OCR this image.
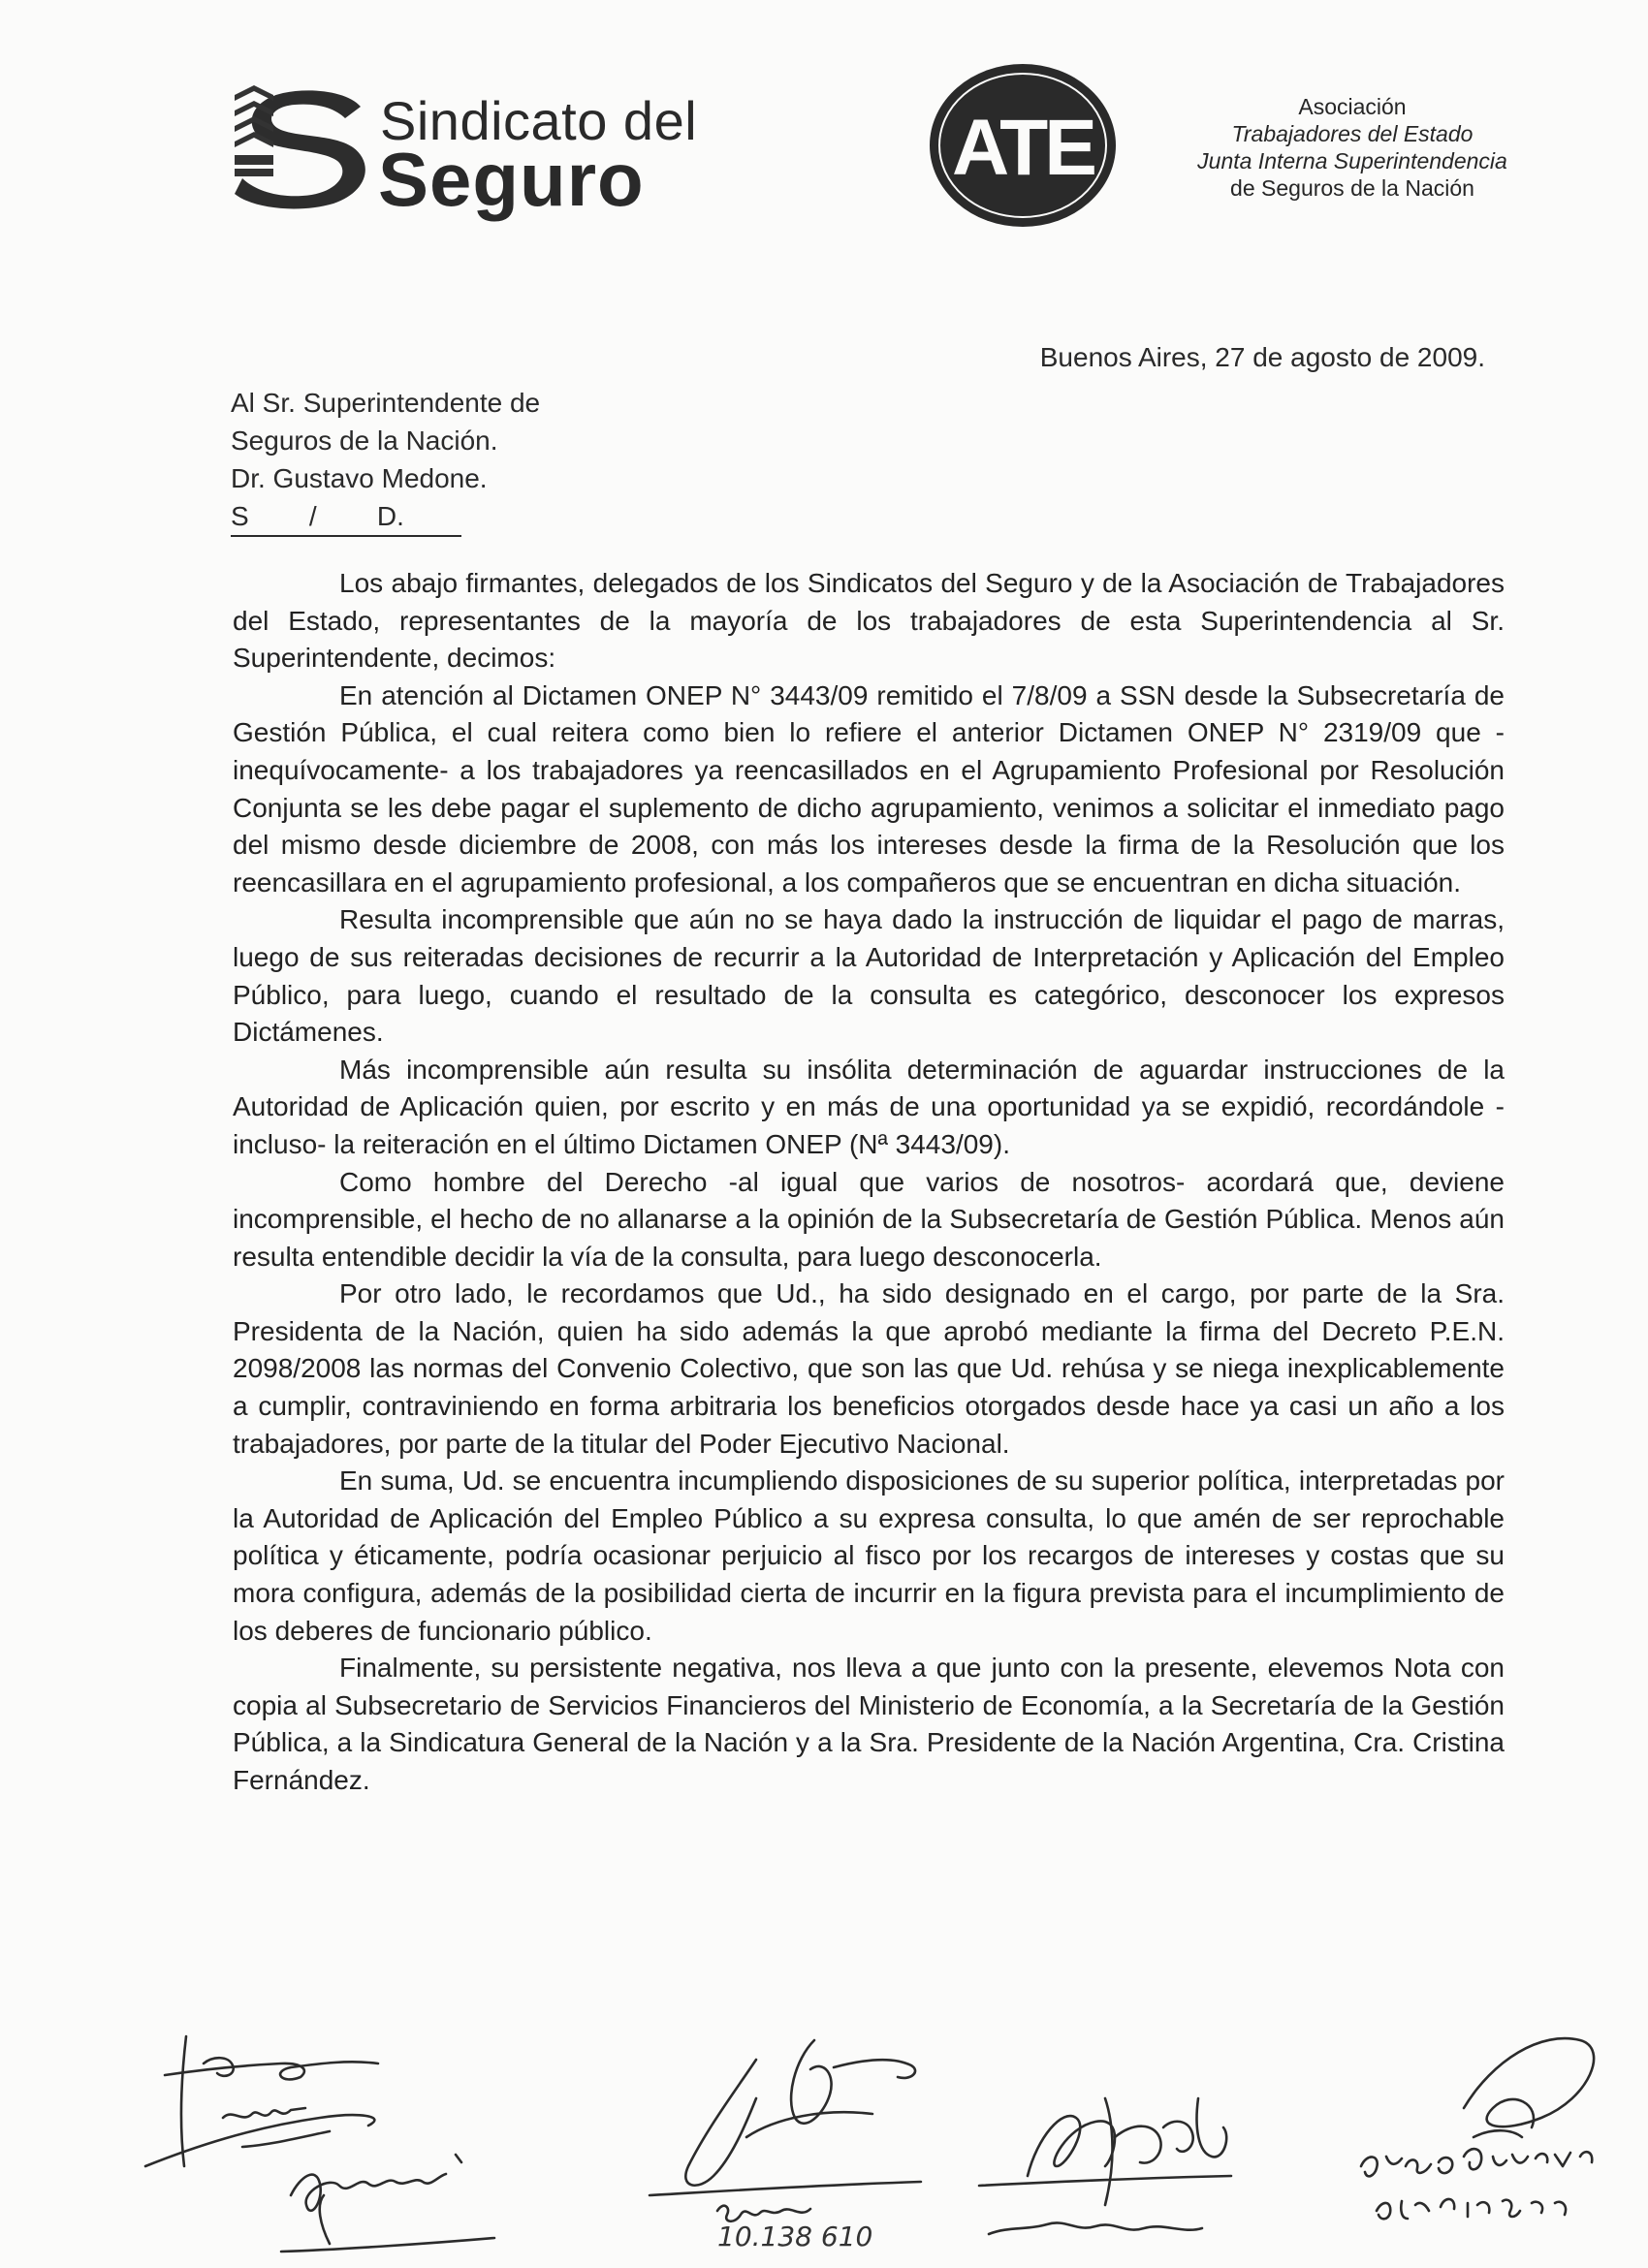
Sindicato del
Seguro	ATE	Asociación
Trabajadores del Estado
Junta Interna Superintendencia
de Seguros de la Nación
Buenos Aires, 27 de agosto de 2009.
Al Sr. Superintendente de
Seguros de la Nación.
Dr. Gustavo Medone.
S        /        D.

Los abajo firmantes, delegados de los Sindicatos del Seguro y de la Asociación de Trabajadores del Estado, representantes de la mayoría de los trabajadores de esta Superintendencia al Sr. Superintendente, decimos:

En atención al Dictamen ONEP N° 3443/09 remitido el 7/8/09 a SSN desde la Subsecretaría de Gestión Pública, el cual reitera como bien lo refiere el anterior Dictamen ONEP N° 2319/09 que -inequívocamente- a los trabajadores ya reencasillados en el Agrupamiento Profesional por Resolución Conjunta se les debe pagar el suplemento de dicho agrupamiento, venimos a solicitar el inmediato pago del mismo desde diciembre de 2008, con más los intereses desde la firma de la Resolución que los reencasillara en el agrupamiento profesional, a los compañeros que se encuentran en dicha situación.

Resulta incomprensible que aún no se haya dado la instrucción de liquidar el pago de marras, luego de sus reiteradas decisiones de recurrir a la Autoridad de Interpretación y Aplicación del Empleo Público, para luego, cuando el resultado de la consulta es categórico, desconocer los expresos Dictámenes.

Más incomprensible aún resulta su insólita determinación de aguardar instrucciones de la Autoridad de Aplicación quien, por escrito y en más de una oportunidad ya se expidió, recordándole -incluso- la reiteración en el último Dictamen ONEP (Nª 3443/09).

Como hombre del Derecho -al igual que varios de nosotros- acordará que, deviene incomprensible, el hecho de no allanarse a la opinión de la Subsecretaría de Gestión Pública. Menos aún resulta entendible decidir la vía de la consulta, para luego desconocerla.

Por otro lado, le recordamos que Ud., ha sido designado en el cargo, por parte de la Sra. Presidenta de la Nación, quien ha sido además la que aprobó mediante la firma del Decreto P.E.N. 2098/2008 las normas del Convenio Colectivo, que son las que Ud. rehúsa y se niega inexplicablemente a cumplir, contraviniendo en forma arbitraria los beneficios otorgados desde hace ya casi un año a los trabajadores, por parte de la titular del Poder Ejecutivo Nacional.

En suma, Ud. se encuentra incumpliendo disposiciones de su superior política, interpretadas por la Autoridad de Aplicación del Empleo Público a su expresa consulta, lo que amén de ser reprochable política y éticamente, podría ocasionar perjuicio al fisco por los recargos de intereses y costas que su mora configura, además de la posibilidad cierta de incurrir en la figura prevista para el incumplimiento de los deberes de funcionario público.

Finalmente, su persistente negativa, nos lleva a que junto con la presente, elevemos Nota con copia al Subsecretario de Servicios Financieros del Ministerio de Economía, a la Secretaría de la Gestión Pública, a la Sindicatura General de la Nación y a la Sra. Presidente de la Nación Argentina, Cra. Cristina Fernández.

10.138 610
